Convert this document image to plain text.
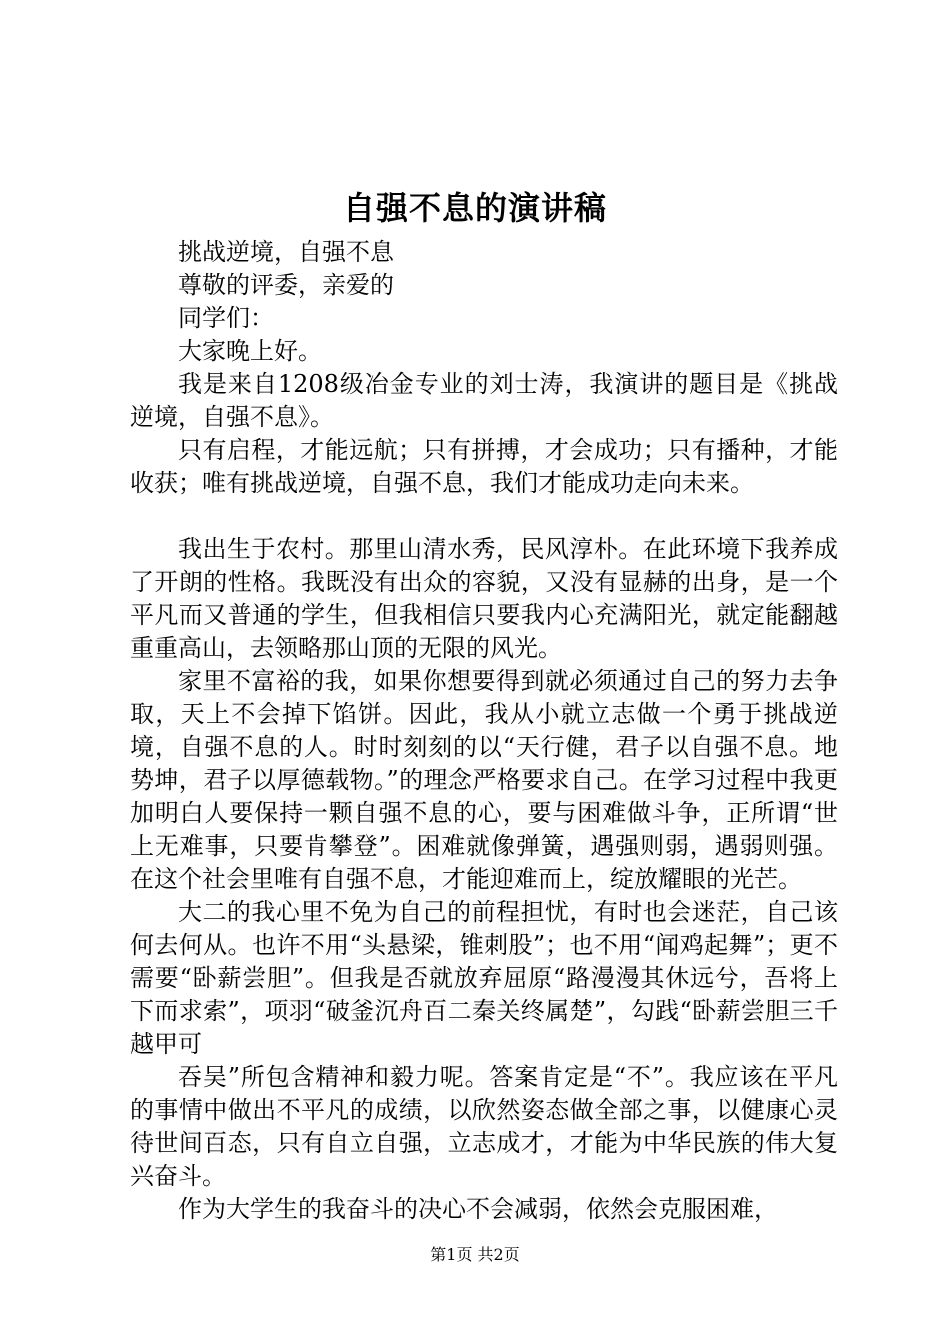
自强不息的演讲稿

挑战逆境，自强不息

尊敬的评委，亲爱的

同学们：

大家晚上好。

我是来自1208级冶金专业的刘士涛，我演讲的题目是《挑战逆境，自强不息》。

只有启程，才能远航；只有拼搏，才会成功；只有播种，才能收获；唯有挑战逆境，自强不息，我们才能成功走向未来。

我出生于农村。那里山清水秀，民风淳朴。在此环境下我养成了开朗的性格。我既没有出众的容貌，又没有显赫的出身，是一个平凡而又普通的学生，但我相信只要我内心充满阳光，就定能翻越重重高山，去领略那山顶的无限的风光。

家里不富裕的我，如果你想要得到就必须通过自己的努力去争取，天上不会掉下馅饼。因此，我从小就立志做一个勇于挑战逆境，自强不息的人。时时刻刻的以“天行健，君子以自强不息。地势坤，君子以厚德载物。”的理念严格要求自己。在学习过程中我更加明白人要保持一颗自强不息的心，要与困难做斗争，正所谓“世上无难事，只要肯攀登”。困难就像弹簧，遇强则弱，遇弱则强。在这个社会里唯有自强不息，才能迎难而上，绽放耀眼的光芒。

大二的我心里不免为自己的前程担忧，有时也会迷茫，自己该何去何从。也许不用“头悬梁，锥刺股”；也不用“闻鸡起舞”；更不需要“卧薪尝胆”。但我是否就放弃屈原“路漫漫其休远兮，吾将上下而求索”，项羽“破釜沉舟百二秦关终属楚”，勾践“卧薪尝胆三千越甲可

吞吴”所包含精神和毅力呢。答案肯定是“不”。我应该在平凡的事情中做出不平凡的成绩，以欣然姿态做全部之事，以健康心灵待世间百态，只有自立自强，立志成才，才能为中华民族的伟大复兴奋斗。

作为大学生的我奋斗的决心不会减弱，依然会克服困难，

第1页 共2页
